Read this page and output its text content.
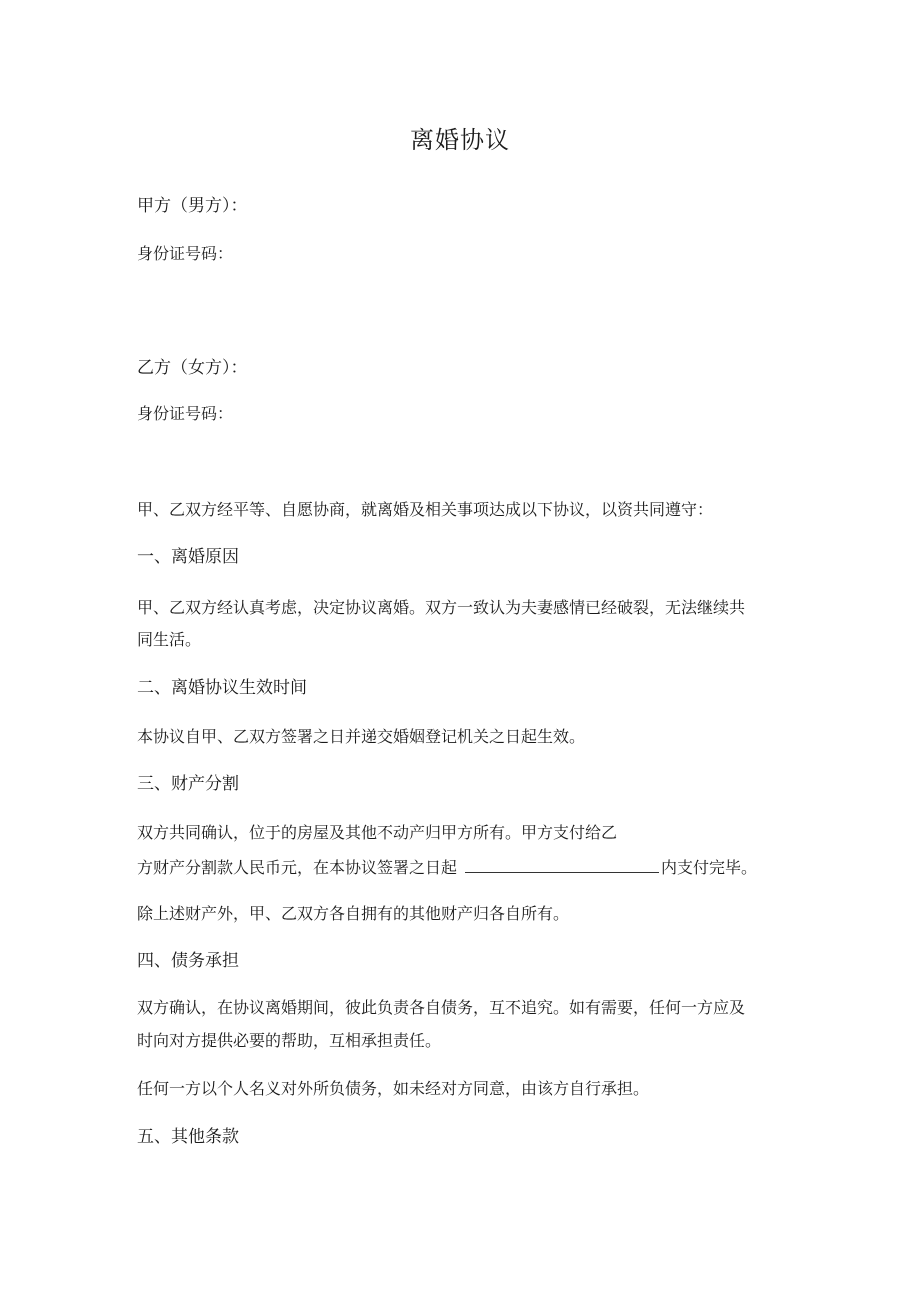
离婚协议
甲方（男方）：
身份证号码：
乙方（女方）：
身份证号码：
甲、乙双方经平等、自愿协商，就离婚及相关事项达成以下协议，以资共同遵守：
一、离婚原因
甲、乙双方经认真考虑，决定协议离婚。双方一致认为夫妻感情已经破裂，无法继续共
同生活。
二、离婚协议生效时间
本协议自甲、乙双方签署之日并递交婚姻登记机关之日起生效。
三、财产分割
双方共同确认，位于的房屋及其他不动产归甲方所有。甲方支付给乙
方财产分割款人民币元，在本协议签署之日起	内支付完毕。
除上述财产外，甲、乙双方各自拥有的其他财产归各自所有。
四、债务承担
双方确认，在协议离婚期间，彼此负责各自债务，互不追究。如有需要，任何一方应及
时向对方提供必要的帮助，互相承担责任。
任何一方以个人名义对外所负债务，如未经对方同意，由该方自行承担。
五、其他条款
